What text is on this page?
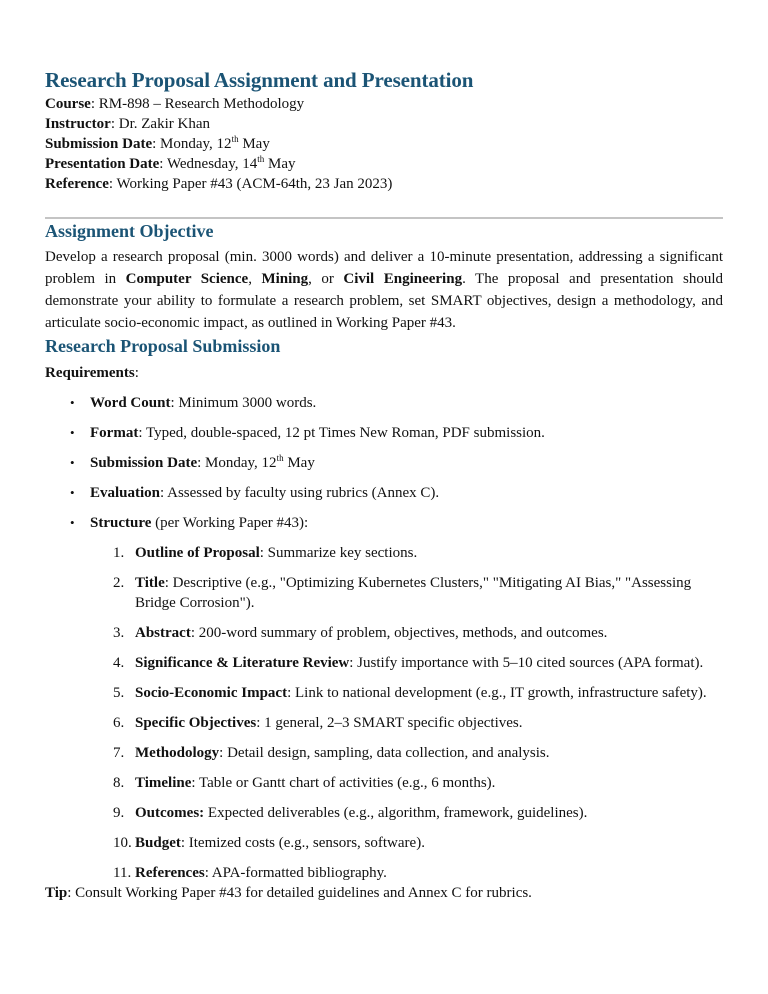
Research Proposal Assignment and Presentation
Course: RM-898 – Research Methodology
Instructor: Dr. Zakir Khan
Submission Date: Monday, 12th May
Presentation Date: Wednesday, 14th May
Reference: Working Paper #43 (ACM-64th, 23 Jan 2023)
Assignment Objective

Develop a research proposal (min. 3000 words) and deliver a 10-minute presentation, addressing a significant problem in Computer Science, Mining, or Civil Engineering. The proposal and presentation should demonstrate your ability to formulate a research problem, set SMART objectives, design a methodology, and articulate socio-economic impact, as outlined in Working Paper #43.

Research Proposal Submission
Requirements:
• Word Count: Minimum 3000 words.
• Format: Typed, double-spaced, 12 pt Times New Roman, PDF submission.
• Submission Date: Monday, 12th May
• Evaluation: Assessed by faculty using rubrics (Annex C).
• Structure (per Working Paper #43):
1. Outline of Proposal: Summarize key sections.
2. Title: Descriptive (e.g., "Optimizing Kubernetes Clusters," "Mitigating AI Bias," "Assessing Bridge Corrosion").
3. Abstract: 200-word summary of problem, objectives, methods, and outcomes.
4. Significance & Literature Review: Justify importance with 5–10 cited sources (APA format).
5. Socio-Economic Impact: Link to national development (e.g., IT growth, infrastructure safety).
6. Specific Objectives: 1 general, 2–3 SMART specific objectives.
7. Methodology: Detail design, sampling, data collection, and analysis.
8. Timeline: Table or Gantt chart of activities (e.g., 6 months).
9. Outcomes: Expected deliverables (e.g., algorithm, framework, guidelines).
10. Budget: Itemized costs (e.g., sensors, software).
11. References: APA-formatted bibliography.
Tip: Consult Working Paper #43 for detailed guidelines and Annex C for rubrics.
